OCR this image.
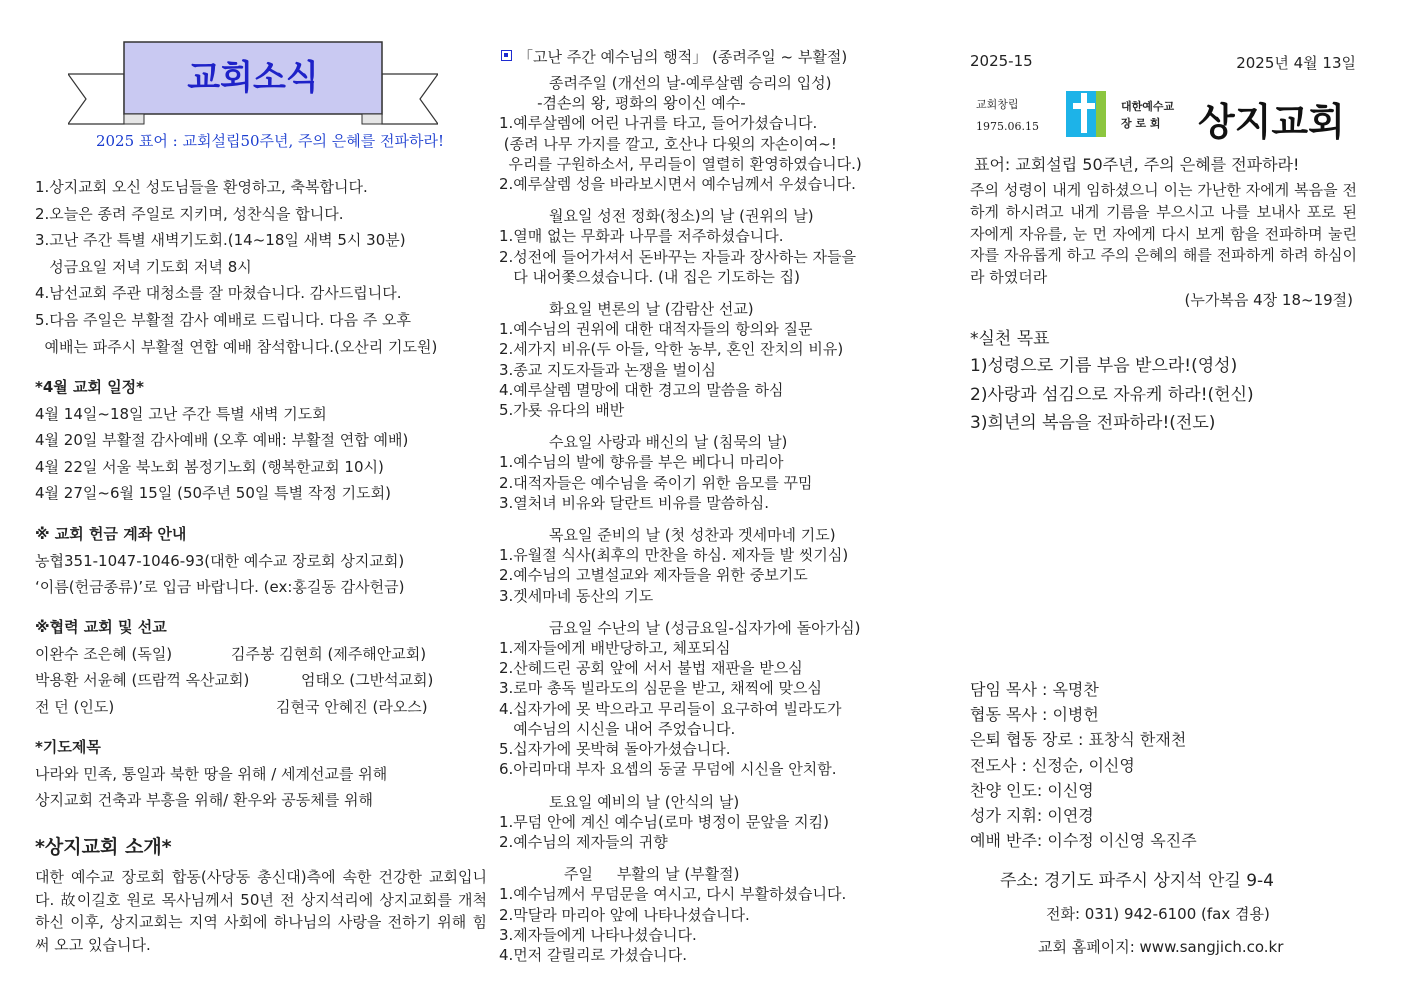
교회소식
2025 표어 : 교회설립50주년, 주의 은혜를 전파하라!
1.상지교회 오신 성도님들을 환영하고, 축복합니다.
2.오늘은 종려 주일로 지키며, 성찬식을 합니다.
3.고난 주간 특별 새벽기도회.(14~18일 새벽 5시 30분)
성금요일 저녁 기도회 저녁 8시
4.남선교회 주관 대청소를 잘 마쳤습니다. 감사드립니다.
5.다음 주일은 부활절 감사 예배로 드립니다. 다음 주 오후
예배는 파주시 부활절 연합 예배 참석합니다.(오산리 기도원)
*4월 교회 일정*
4월 14일~18일 고난 주간 특별 새벽 기도회
4월 20일 부활절 감사예배 (오후 예배: 부활절 연합 예배)
4월 22일 서울 북노회 봄정기노회 (행복한교회 10시)
4월 27일~6월 15일 (50주년 50일 특별 작정 기도회)
※ 교회 헌금 계좌 안내
농협351-1047-1046-93(대한 예수교 장로회 상지교회)
‘이름(헌금종류)’로 입금 바랍니다. (ex:홍길동 감사헌금)
※협력 교회 및 선교
이완수 조은혜 (독일)	김주봉 김현희 (제주해안교회)
박용환 서윤혜 (뜨람꺽 옥산교회)	엄태오 (그반석교회)
전 던 (인도)	김현국 안혜진 (라오스)
*기도제목
나라와 민족, 통일과 북한 땅을 위해 / 세계선교를 위해
상지교회 건축과 부흥을 위해/ 환우와 공동체를 위해
*상지교회 소개*
대한 예수교 장로회 합동(사당동 총신대)측에 속한 건강한 교회입니다. 故이길호 원로 목사님께서 50년 전 상지석리에 상지교회를 개척하신 이후, 상지교회는 지역 사회에 하나님의 사랑을 전하기 위해 힘써 오고 있습니다.
「고난 주간 예수님의 행적」 (종려주일 ~ 부활절)
종려주일 (개선의 날-예루살렘 승리의 입성)
-겸손의 왕, 평화의 왕이신 예수-
1.예루살렘에 어린 나귀를 타고, 들어가셨습니다.
(종려 나무 가지를 깔고, 호산나 다윗의 자손이여~!
우리를 구원하소서, 무리들이 열렬히 환영하였습니다.)
2.예루살렘 성을 바라보시면서 예수님께서 우셨습니다.
월요일 성전 정화(청소)의 날 (권위의 날)
1.열매 없는 무화과 나무를 저주하셨습니다.
2.성전에 들어가셔서 돈바꾸는 자들과 장사하는 자들을
다 내어쫓으셨습니다. (내 집은 기도하는 집)
화요일 변론의 날 (감람산 선교)
1.예수님의 권위에 대한 대적자들의 항의와 질문
2.세가지 비유(두 아들, 악한 농부, 혼인 잔치의 비유)
3.종교 지도자들과 논쟁을 벌이심
4.예루살렘 멸망에 대한 경고의 말씀을 하심
5.가룟 유다의 배반
수요일 사랑과 배신의 날 (침묵의 날)
1.예수님의 발에 향유를 부은 베다니 마리아
2.대적자들은 예수님을 죽이기 위한 음모를 꾸밈
3.열처녀 비유와 달란트 비유를 말씀하심.
목요일 준비의 날 (첫 성찬과 겟세마네 기도)
1.유월절 식사(최후의 만찬을 하심. 제자들 발 씻기심)
2.예수님의 고별설교와 제자들을 위한 중보기도
3.겟세마네 동산의 기도
금요일 수난의 날 (성금요일-십자가에 돌아가심)
1.제자들에게 배반당하고, 체포되심
2.산헤드린 공회 앞에 서서 불법 재판을 받으심
3.로마 총독 빌라도의 심문을 받고, 채찍에 맞으심
4.십자가에 못 박으라고 무리들이 요구하여 빌라도가
예수님의 시신을 내어 주었습니다.
5.십자가에 못박혀 돌아가셨습니다.
6.아리마대 부자 요셉의 동굴 무덤에 시신을 안치함.
토요일 예비의 날 (안식의 날)
1.무덤 안에 계신 예수님(로마 병정이 문앞을 지킴)
2.예수님의 제자들의 귀향
주일     부활의 날 (부활절)
1.예수님께서 무덤문을 여시고, 다시 부활하셨습니다.
2.막달라 마리아 앞에 나타나셨습니다.
3.제자들에게 나타나셨습니다.
4.먼저 갈릴리로 가셨습니다.
2025-15	2025년 4월 13일
교회창립
1975.06.15
대한예수교
장 로 회 상지교회
표어: 교회설립 50주년, 주의 은혜를 전파하라!
주의 성령이 내게 임하셨으니 이는 가난한 자에게 복음을 전하게 하시려고 내게 기름을 부으시고 나를 보내사 포로 된 자에게 자유를, 눈 먼 자에게 다시 보게 함을 전파하며 눌린 자를 자유롭게 하고 주의 은혜의 해를 전파하게 하려 하심이라 하였더라
(누가복음 4장 18~19절)
*실천 목표
1)성령으로 기름 부음 받으라!(영성)
2)사랑과 섬김으로 자유케 하라!(헌신)
3)희년의 복음을 전파하라!(전도)
담임 목사 : 옥명찬
협동 목사 : 이병헌
은퇴 협동 장로 : 표창식 한재천
전도사 : 신정순, 이신영
찬양 인도: 이신영
성가 지휘: 이연경
예배 반주: 이수정 이신영 옥진주
주소: 경기도 파주시 상지석 안길 9-4
전화: 031) 942-6100 (fax 겸용)
교회 홈페이지: www.sangjich.co.kr
